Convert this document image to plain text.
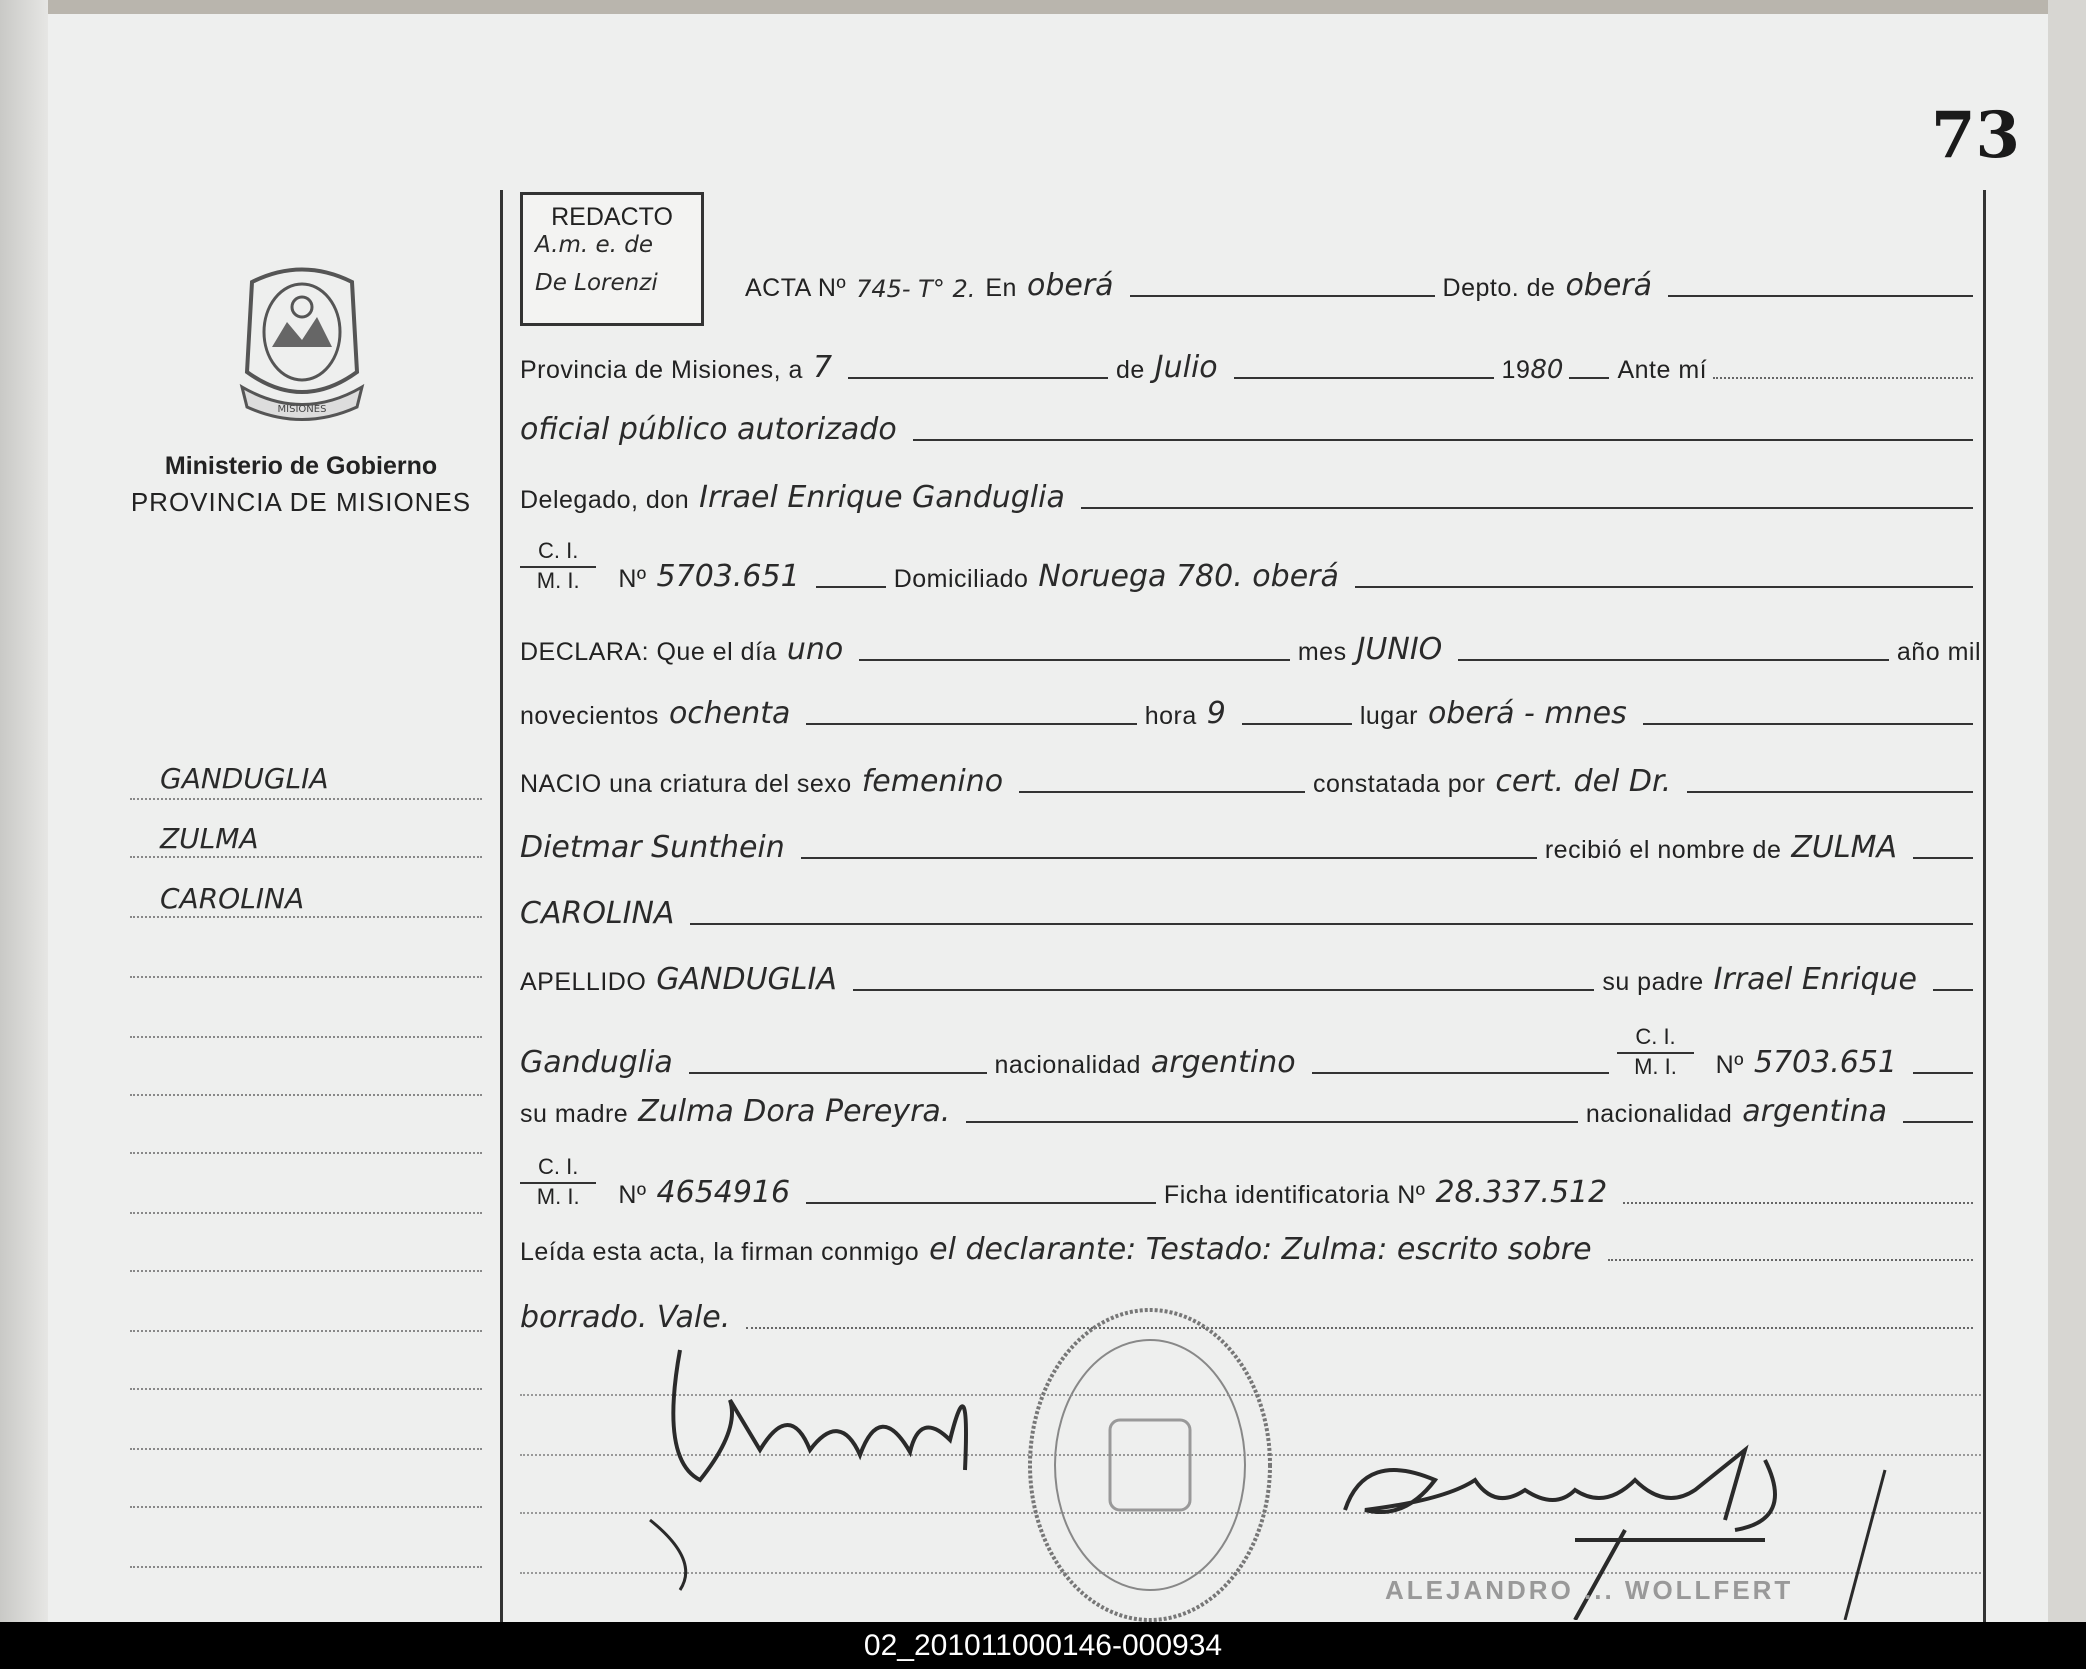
73
MISIONES
Ministerio de Gobierno
PROVINCIA DE MISIONES
GANDUGLIA
ZULMA
CAROLINA
REDACTO
A.m. e. de
De Lorenzi	ACTA Nº 745- T° 2. En oberá	Depto. de oberá
Provincia de Misiones, a 7	de Julio	19 80 Ante mí
oficial público autorizado
Delegado, don Irrael Enrique Ganduglia
$\frac{C. I.}{M. I.}$ Nº 5703.651	Domiciliado Noruega 780. oberá
DECLARA: Que el día uno	mes JUNIO	año mil
novecientos ochenta	hora 9	lugar oberá - mnes
NACIO una criatura del sexo femenino	constatada por cert. del Dr.
Dietmar Sunthein	recibió el nombre de ZULMA
CAROLINA
APELLIDO GANDUGLIA	su padre Irrael Enrique
Ganduglia	nacionalidad argentino	$\frac{C. I.}{M. I.}$ Nº 5703.651
su madre Zulma Dora Pereyra.	nacionalidad argentina
$\frac{C. I.}{M. I.}$ Nº 4654916	Ficha identificatoria Nº 28.337.512
Leída esta acta, la firman conmigo el declarante: Testado: Zulma: escrito sobre
borrado. Vale.
ALEJANDRO ... WOLLFERT
02_201011000146-000934
